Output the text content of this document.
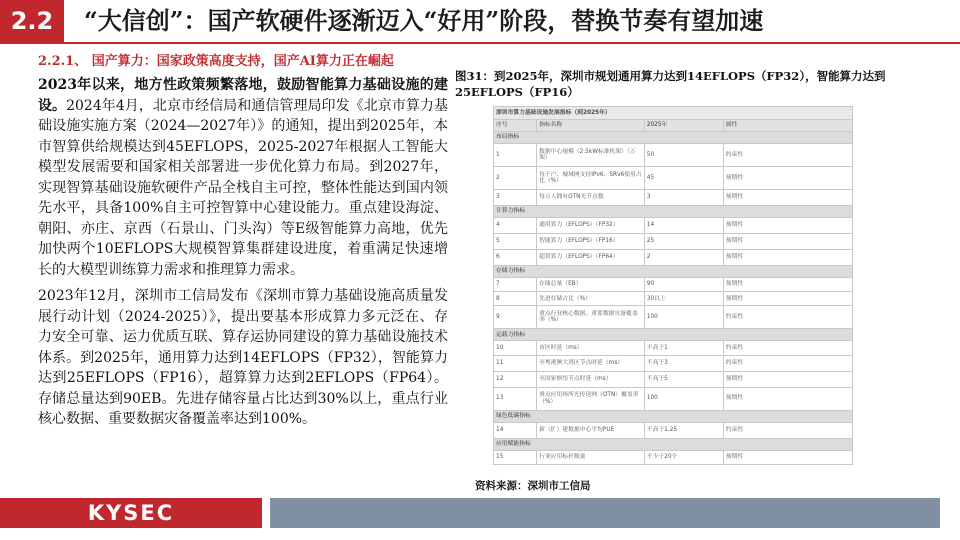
2.2	“大信创”：国产软硬件逐渐迈入“好用”阶段，替换节奏有望加速
2.2.1、 国产算力：国家政策高度支持，国产AI算力正在崛起

2023年以来，地方性政策频繁落地，鼓励智能算力基础设施的建设。2024年4月，北京市经信局和通信管理局印发《北京市算力基础设施实施方案（2024—2027年）》的通知，提出到2025年，本市智算供给规模达到45EFLOPS，2025-2027年根据人工智能大模型发展需要和国家相关部署进一步优化算力布局。到2027年，实现智算基础设施软硬件产品全栈自主可控，整体性能达到国内领先水平，具备100%自主可控智算中心建设能力。重点建设海淀、朝阳、亦庄、京西（石景山、门头沟）等E级智能算力高地，优先加快两个10EFLOPS大规模智算集群建设进度，着重满足快速增长的大模型训练算力需求和推理算力需求。

2023年12月，深圳市工信局发布《深圳市算力基础设施高质量发展行动计划（2024-2025）》，提出要基本形成算力多元泛在、存力安全可靠、运力优质互联、算存运协同建设的算力基础设施技术体系。到2025年，通用算力达到14EFLOPS（FP32），智能算力达到25EFLOPS（FP16），超算算力达到2EFLOPS（FP64）。存储总量达到90EB。先进存储容量占比达到30%以上，重点行业核心数据、重要数据灾备覆盖率达到100%。

图31：到2025年，深圳市规划通用算力达到14EFLOPS（FP32），智能算力达到25EFLOPS（FP16）
深圳市算力基础设施发展指标（到2025年）			
序号	指标名称	2025年	属性
布局指标			
1	数据中心规模（2.5kW标准机架）（万架）	50	约束性
2	每千户、城域网支持IPv6、SRv6使用占比（%）	45	预期性
3	每万人拥有OTN光节点数	3	预期性
计算力指标			
4	通用算力（EFLOPS）（FP32）	14	预期性
5	智能算力（EFLOPS）（FP16）	25	预期性
6	超算算力（EFLOPS）（FP64）	2	预期性
存储力指标			
7	存储总量（EB）	90	预期性
8	先进存储占比（%）	30以上	预期性
9	重点行业核心数据、重要数据灾备覆盖率（%）	100	约束性
运载力指标			
10	市区时延（ms）	不高于1	约束性
11	至粤港澳大湾区节点时延（ms）	不高于3	约束性
12	至国家枢纽节点时延（ms）	不高于5	预期性
13	重点应用场所光传送网（OTN）覆盖率（%）	100	预期性
绿色低碳指标			
14	新（扩）建数据中心平均PUE	不高于1.25	约束性
应用赋能指标			
15	行业应用标杆数量	不少于20个	预期性
资料来源：深圳市工信局
KYSEC
